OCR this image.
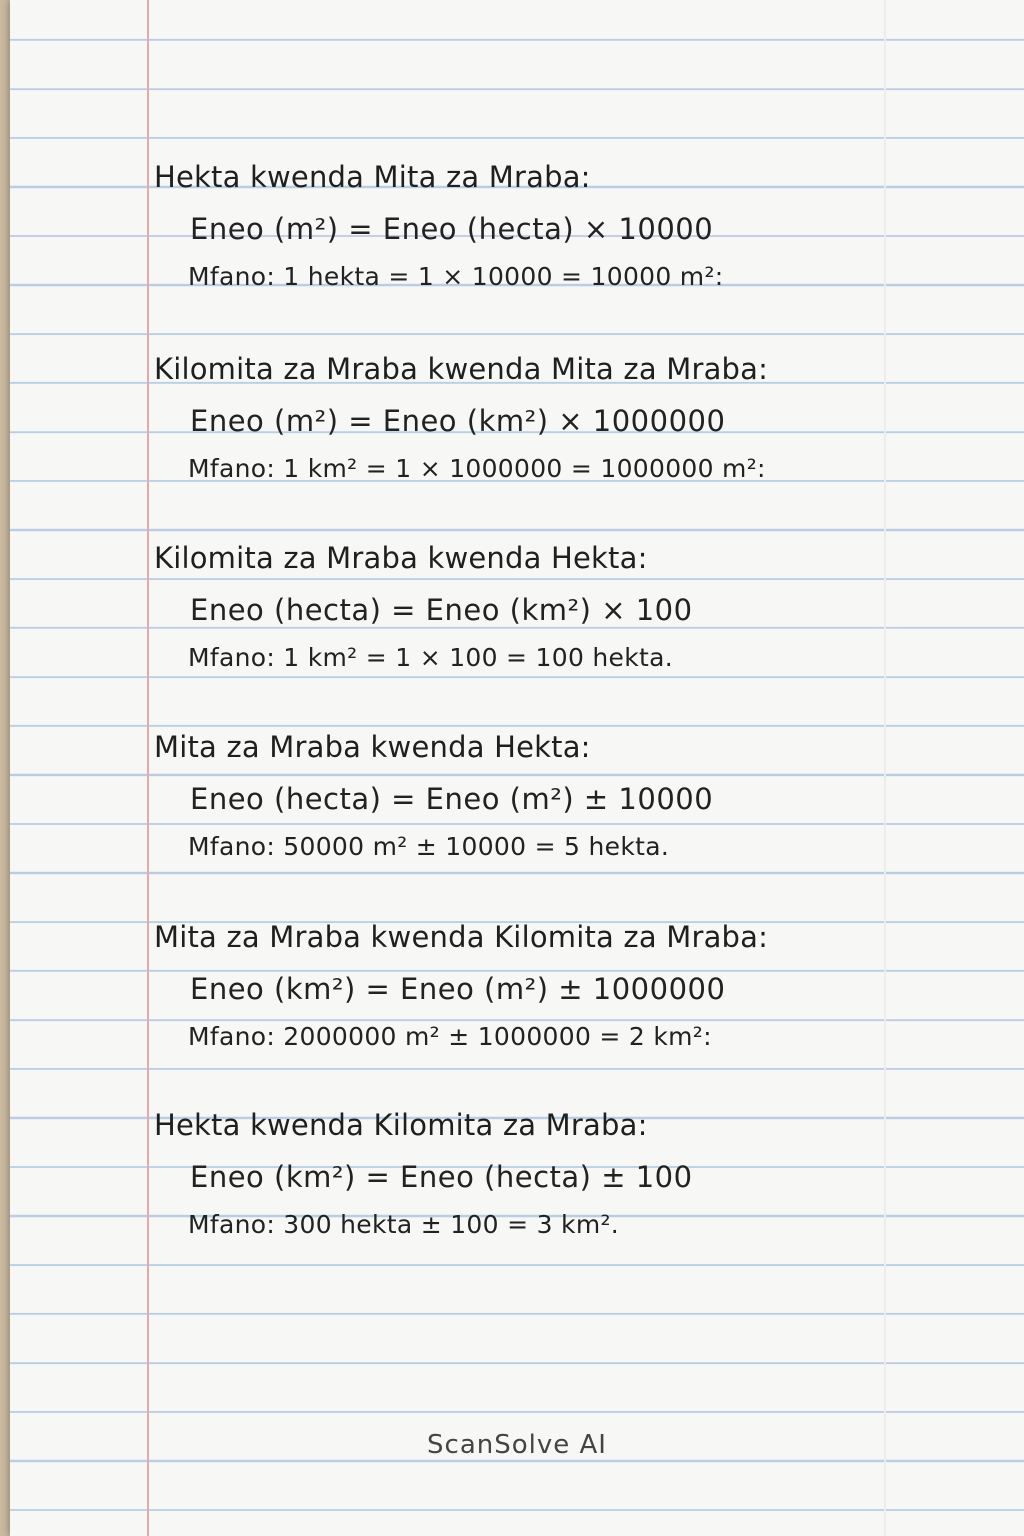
Hekta kwenda Mita za Mraba:
Eneo (m²) = Eneo (hecta) × 10000
Mfano: 1 hekta = 1 × 10000 = 10000 m²:
Kilomita za Mraba kwenda Mita za Mraba:
Eneo (m²) = Eneo (km²) × 1000000
Mfano: 1 km² = 1 × 1000000 = 1000000 m²:
Kilomita za Mraba kwenda Hekta:
Eneo (hecta) = Eneo (km²) × 100
Mfano: 1 km² = 1 × 100 = 100 hekta.
Mita za Mraba kwenda Hekta:
Eneo (hecta) = Eneo (m²) ± 10000
Mfano: 50000 m² ± 10000 = 5 hekta.
Mita za Mraba kwenda Kilomita za Mraba:
Eneo (km²) = Eneo (m²) ± 1000000
Mfano: 2000000 m² ± 1000000 = 2 km²:
Hekta kwenda Kilomita za Mraba:
Eneo (km²) = Eneo (hecta) ± 100
Mfano: 300 hekta ± 100 = 3 km².
ScanSolve AI
